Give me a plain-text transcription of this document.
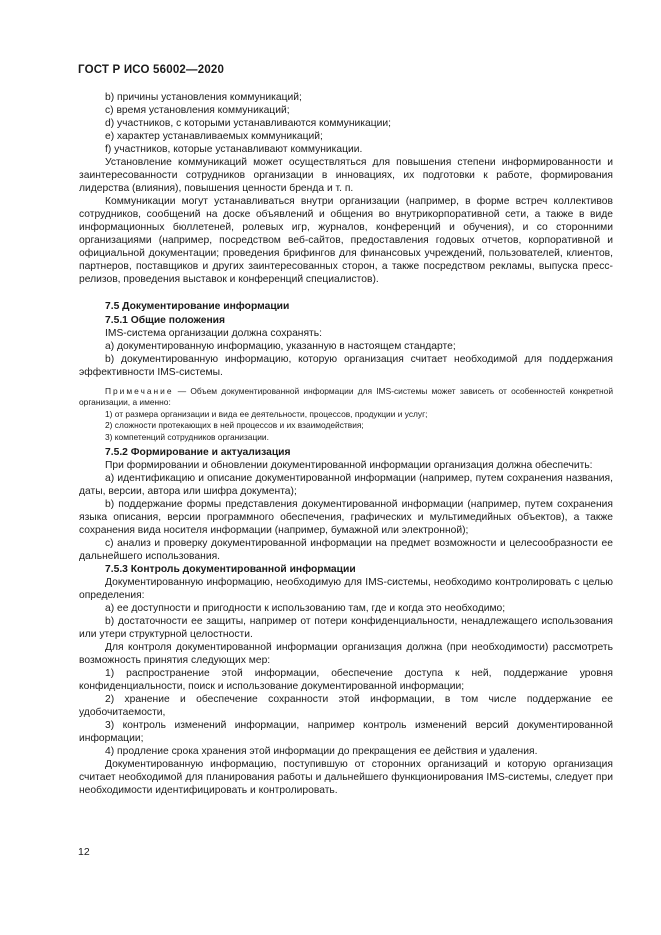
ГОСТ Р ИСО 56002—2020

b) причины установления коммуникаций;

c) время установления коммуникаций;

d) участников, с которыми устанавливаются коммуникации;

e) характер устанавливаемых коммуникаций;

f) участников, которые устанавливают коммуникации.

Установление коммуникаций может осуществляться для повышения степени информированности и заинтересованности сотрудников организации в инновациях, их подготовки к работе, формирования лидерства (влияния), повышения ценности бренда и т. п.

Коммуникации могут устанавливаться внутри организации (например, в форме встреч коллективов сотрудников, сообщений на доске объявлений и общения во внутрикорпоративной сети, а также в виде информационных бюллетеней, ролевых игр, журналов, конференций и обучения), и со сторонними организациями (например, посредством веб-сайтов, предоставления годовых отчетов, корпоративной и официальной документации; проведения брифингов для финансовых учреждений, пользователей, клиентов, партнеров, поставщиков и других заинтересованных сторон, а также посредством рекламы, выпуска пресс-релизов, проведения выставок и конференций специалистов).

7.5 Документирование информации

7.5.1 Общие положения

IMS-система организации должна сохранять:

a) документированную информацию, указанную в настоящем стандарте;

b) документированную информацию, которую организация считает необходимой для поддержания эффективности IMS-системы.

Примечание — Объем документированной информации для IMS-системы может зависеть от особенностей конкретной организации, а именно:

1) от размера организации и вида ее деятельности, процессов, продукции и услуг;

2) сложности протекающих в ней процессов и их взаимодействия;

3) компетенций сотрудников организации.

7.5.2 Формирование и актуализация

При формировании и обновлении документированной информации организация должна обеспечить:

a) идентификацию и описание документированной информации (например, путем сохранения названия, даты, версии, автора или шифра документа);

b) поддержание формы представления документированной информации (например, путем сохранения языка описания, версии программного обеспечения, графических и мультимедийных объектов), а также сохранения вида носителя информации (например, бумажной или электронной);

c) анализ и проверку документированной информации на предмет возможности и целесообразности ее дальнейшего использования.

7.5.3 Контроль документированной информации

Документированную информацию, необходимую для IMS-системы, необходимо контролировать с целью определения:

a) ее доступности и пригодности к использованию там, где и когда это необходимо;

b) достаточности ее защиты, например от потери конфиденциальности, ненадлежащего использования или утери структурной целостности.

Для контроля документированной информации организация должна (при необходимости) рассмотреть возможность принятия следующих мер:

1) распространение этой информации, обеспечение доступа к ней, поддержание уровня конфиденциальности, поиск и использование документированной информации;

2) хранение и обеспечение сохранности этой информации, в том числе поддержание ее удобочитаемости,

3) контроль изменений информации, например контроль изменений версий документированной информации;

4) продление срока хранения этой информации до прекращения ее действия и удаления.

Документированную информацию, поступившую от сторонних организаций и которую организация считает необходимой для планирования работы и дальнейшего функционирования IMS-системы, следует при необходимости идентифицировать и контролировать.

12
